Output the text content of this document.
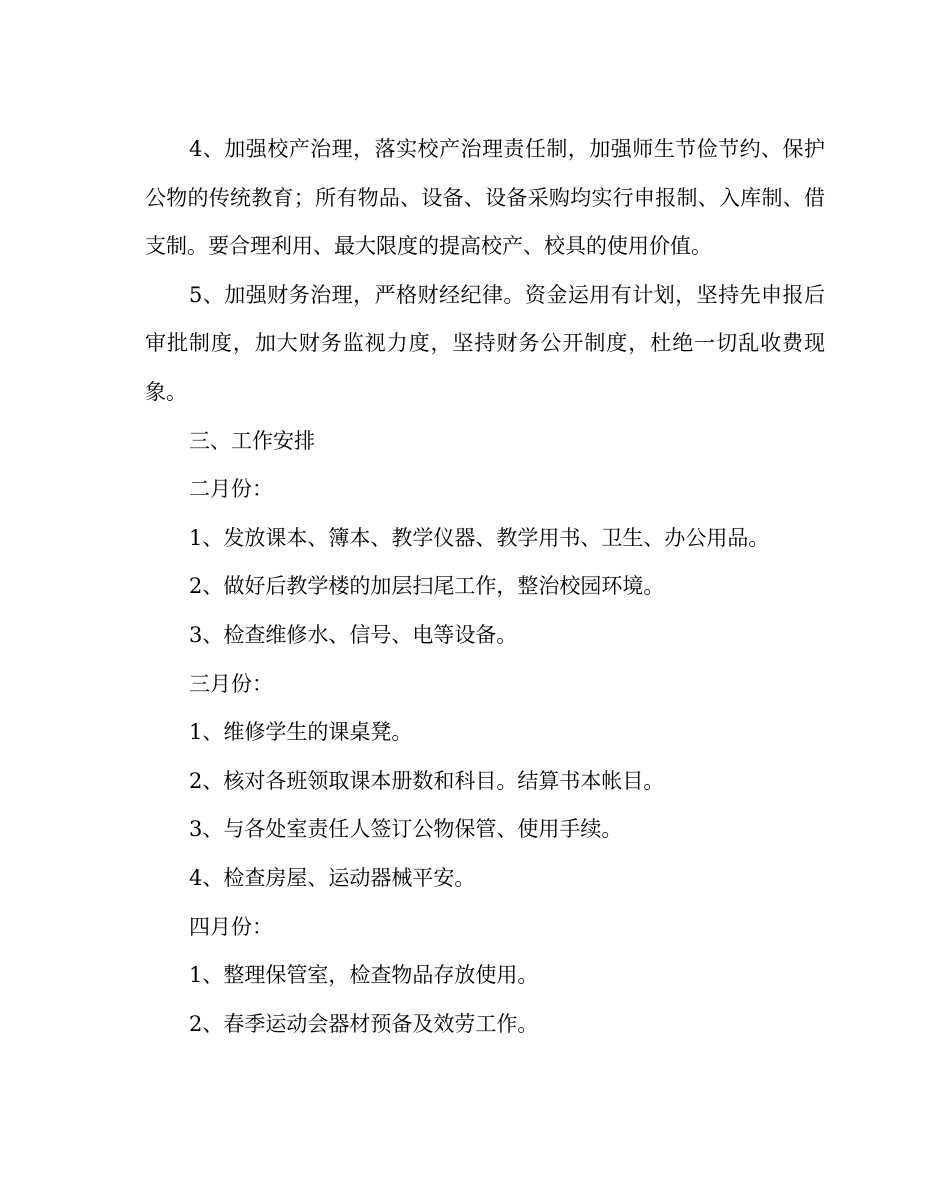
4、加强校产治理，落实校产治理责任制，加强师生节俭节约、保护公物的传统教育；所有物品、设备、设备采购均实行申报制、入库制、借支制。要合理利用、最大限度的提高校产、校具的使用价值。

5、加强财务治理，严格财经纪律。资金运用有计划，坚持先申报后审批制度，加大财务监视力度，坚持财务公开制度，杜绝一切乱收费现象。

三、工作安排

二月份：

1、发放课本、簿本、教学仪器、教学用书、卫生、办公用品。

2、做好后教学楼的加层扫尾工作，整治校园环境。

3、检查维修水、信号、电等设备。

三月份：

1、维修学生的课桌凳。

2、核对各班领取课本册数和科目。结算书本帐目。

3、与各处室责任人签订公物保管、使用手续。

4、检查房屋、运动器械平安。

四月份：

1、整理保管室，检查物品存放使用。

2、春季运动会器材预备及效劳工作。
